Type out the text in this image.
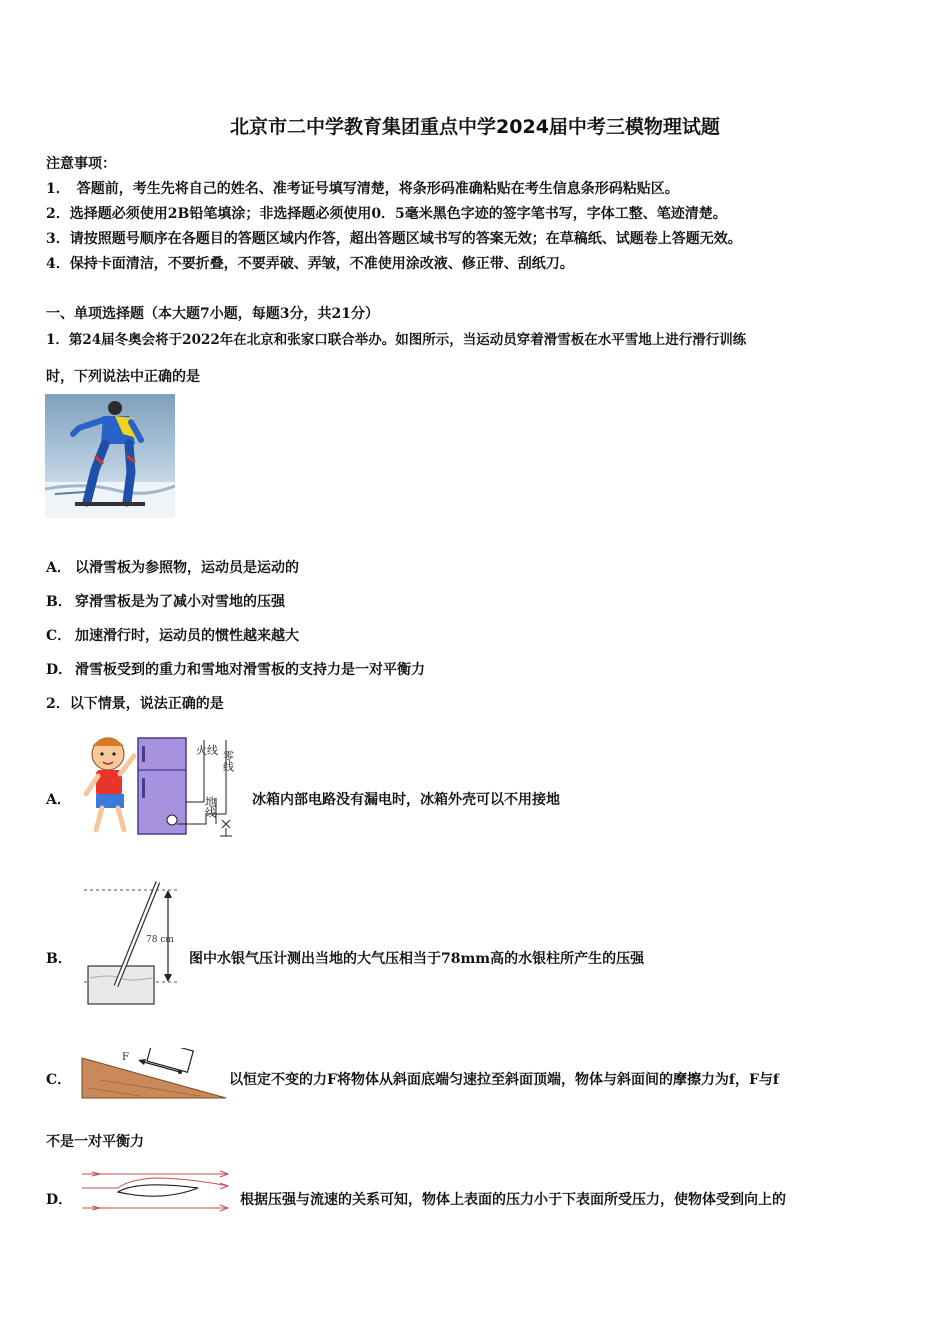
北京市二中学教育集团重点中学2024届中考三模物理试题
注意事项：
1．　答题前，考生先将自己的姓名、准考证号填写清楚，将条形码准确粘贴在考生信息条形码粘贴区。
2．选择题必须使用2B铅笔填涂；非选择题必须使用0．5毫米黑色字迹的签字笔书写，字体工整、笔迹清楚。
3．请按照题号顺序在各题目的答题区域内作答，超出答题区域书写的答案无效；在草稿纸、试题卷上答题无效。
4．保持卡面清洁，不要折叠，不要弄破、弄皱，不准使用涂改液、修正带、刮纸刀。
一、单项选择题（本大题7小题，每题3分，共21分）
1．第24届冬奥会将于2022年在北京和张家口联合举办。如图所示，当运动员穿着滑雪板在水平雪地上进行滑行训练
时，下列说法中正确的是
A． 以滑雪板为参照物，运动员是运动的
B． 穿滑雪板是为了减小对雪地的压强
C． 加速滑行时，运动员的惯性越来越大
D． 滑雪板受到的重力和雪地对滑雪板的支持力是一对平衡力
2．以下情景，说法正确的是
A．
火线 零线
地线	冰箱内部电路没有漏电时，冰箱外壳可以不用接地
B．
78 cm
图中水银气压计测出当地的大气压相当于78mm高的水银柱所产生的压强
C．
F
以恒定不变的力F将物体从斜面底端匀速拉至斜面顶端，物体与斜面间的摩擦力为f，F与f
不是一对平衡力
D．	根据压强与流速的关系可知，物体上表面的压力小于下表面所受压力，使物体受到向上的
